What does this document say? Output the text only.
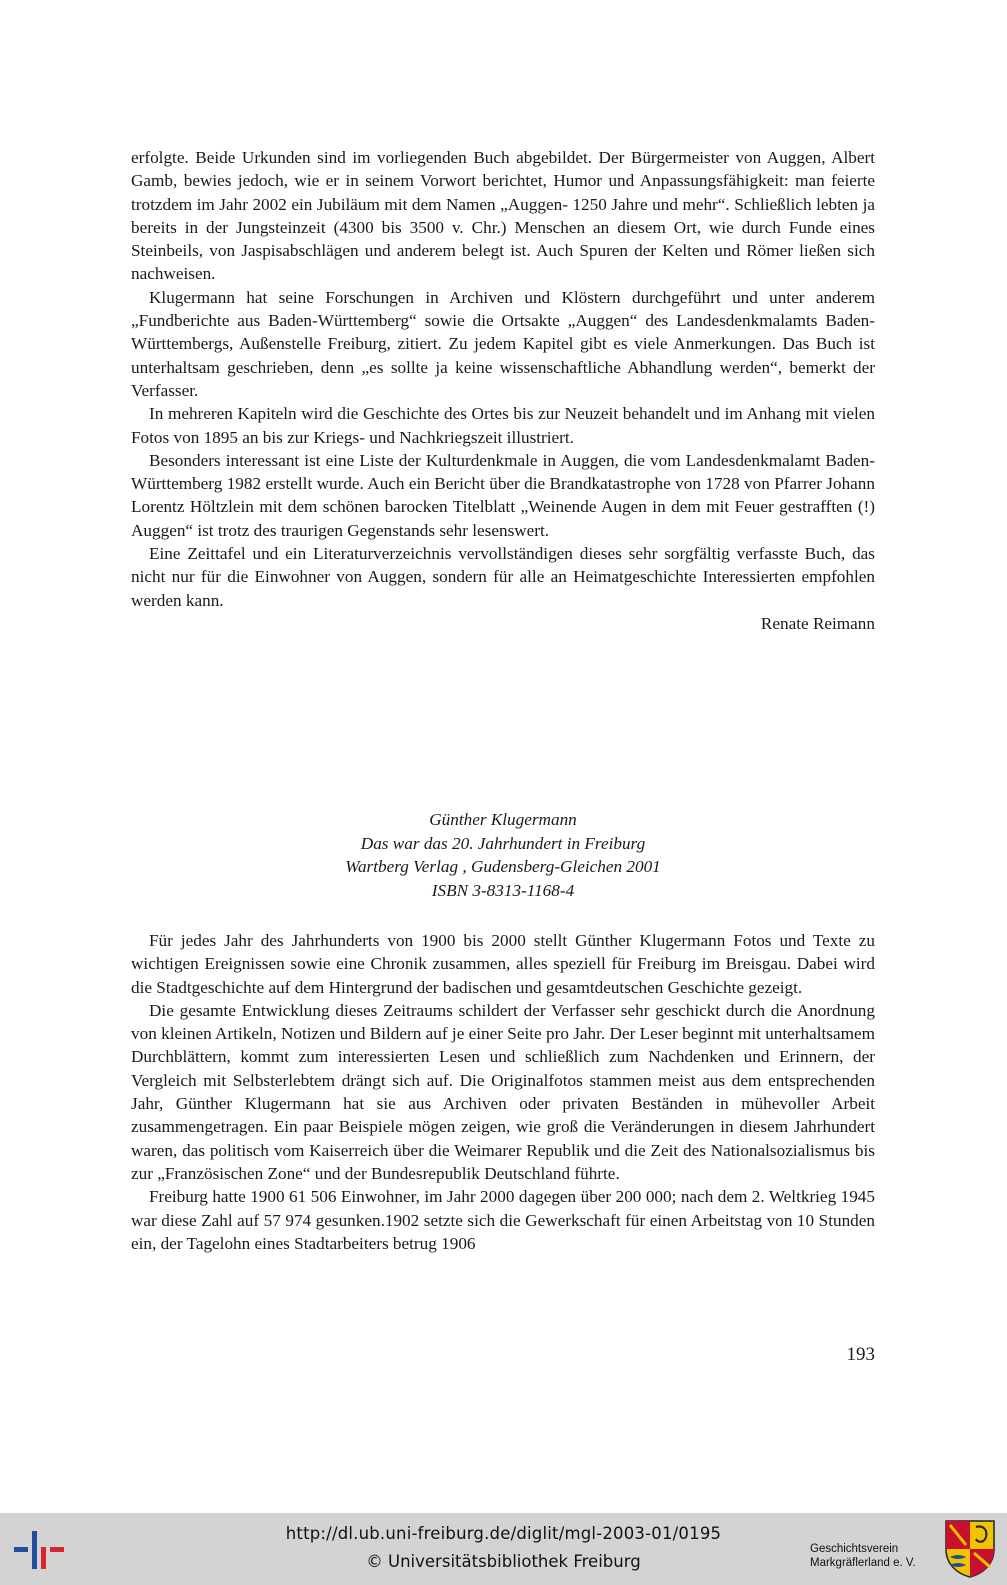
erfolgte. Beide Urkunden sind im vorliegenden Buch abgebildet. Der Bürgermeister von Auggen, Albert Gamb, bewies jedoch, wie er in seinem Vorwort berichtet, Humor und Anpassungsfähigkeit: man feierte trotzdem im Jahr 2002 ein Jubiläum mit dem Namen „Auggen- 1250 Jahre und mehr“. Schließlich lebten ja bereits in der Jungsteinzeit (4300 bis 3500 v. Chr.) Menschen an diesem Ort, wie durch Funde eines Steinbeils, von Jaspisabschlägen und anderem belegt ist. Auch Spuren der Kelten und Römer ließen sich nachweisen.

Klugermann hat seine Forschungen in Archiven und Klöstern durchgeführt und unter anderem „Fundberichte aus Baden-Württemberg“ sowie die Ortsakte „Auggen“ des Landesdenkmalamts Baden-Württembergs, Außenstelle Freiburg, zitiert. Zu jedem Kapitel gibt es viele Anmerkungen. Das Buch ist unterhaltsam geschrieben, denn „es sollte ja keine wissenschaftliche Abhandlung werden“, bemerkt der Verfasser.

In mehreren Kapiteln wird die Geschichte des Ortes bis zur Neuzeit behandelt und im Anhang mit vielen Fotos von 1895 an bis zur Kriegs- und Nachkriegszeit illustriert.

Besonders interessant ist eine Liste der Kulturdenkmale in Auggen, die vom Landesdenkmalamt Baden-Württemberg 1982 erstellt wurde. Auch ein Bericht über die Brandkatastrophe von 1728 von Pfarrer Johann Lorentz Höltzlein mit dem schönen barocken Titelblatt „Weinende Augen in dem mit Feuer gestrafften (!) Auggen“ ist trotz des traurigen Gegenstands sehr lesenswert.

Eine Zeittafel und ein Literaturverzeichnis vervollständigen dieses sehr sorgfältig verfasste Buch, das nicht nur für die Einwohner von Auggen, sondern für alle an Heimatgeschichte Interessierten empfohlen werden kann.

Renate Reimann
Günther Klugermann
Das war das 20. Jahrhundert in Freiburg
Wartberg Verlag , Gudensberg-Gleichen 2001
ISBN 3-8313-1168-4

Für jedes Jahr des Jahrhunderts von 1900 bis 2000 stellt Günther Klugermann Fotos und Texte zu wichtigen Ereignissen sowie eine Chronik zusammen, alles speziell für Freiburg im Breisgau. Dabei wird die Stadtgeschichte auf dem Hintergrund der badischen und gesamtdeutschen Geschichte gezeigt.

Die gesamte Entwicklung dieses Zeitraums schildert der Verfasser sehr geschickt durch die Anordnung von kleinen Artikeln, Notizen und Bildern auf je einer Seite pro Jahr. Der Leser beginnt mit unterhaltsamem Durchblättern, kommt zum interessierten Lesen und schließlich zum Nachdenken und Erinnern, der Vergleich mit Selbsterlebtem drängt sich auf. Die Originalfotos stammen meist aus dem entsprechenden Jahr, Günther Klugermann hat sie aus Archiven oder privaten Beständen in mühevoller Arbeit zusammengetragen. Ein paar Beispiele mögen zeigen, wie groß die Veränderungen in diesem Jahrhundert waren, das politisch vom Kaiserreich über die Weimarer Republik und die Zeit des Nationalsozialismus bis zur „Französischen Zone“ und der Bundesrepublik Deutschland führte.

Freiburg hatte 1900 61 506 Einwohner, im Jahr 2000 dagegen über 200 000; nach dem 2. Weltkrieg 1945 war diese Zahl auf 57 974 gesunken.1902 setzte sich die Gewerkschaft für einen Arbeitstag von 10 Stunden ein, der Tagelohn eines Stadtarbeiters betrug 1906

193
http://dl.ub.uni-freiburg.de/diglit/mgl-2003-01/0195
© Universitätsbibliothek Freiburg
Geschichtsverein
Markgräflerland e. V.
